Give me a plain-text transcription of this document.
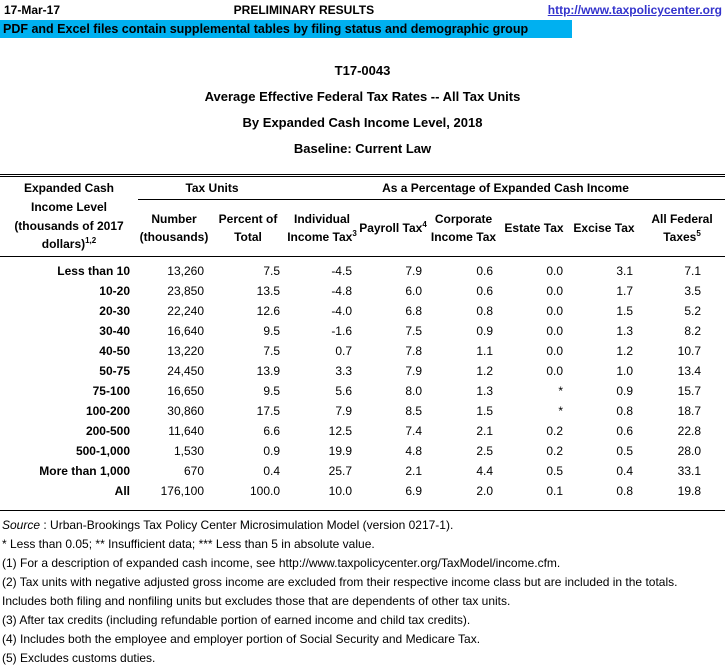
17-Mar-17	PRELIMINARY RESULTS	http://www.taxpolicycenter.org
PDF and Excel files contain supplemental tables by filing status and demographic group
T17-0043
Average Effective Federal Tax Rates -- All Tax Units
By Expanded Cash Income Level, 2018
Baseline: Current Law
Expanded Cash Income Level (thousands of 2017 dollars)$^{1,2}$	Tax Units		As a Percentage of Expanded Cash Income					
	Number (thousands)	Percent of Total	Individual Income Tax$^3$	Payroll Tax$^4$	Corporate Income Tax	Estate Tax	Excise Tax	All Federal Taxes$^5$
Less than 10	13,260	7.5	-4.5	7.9	0.6	0.0	3.1	7.1
10-20	23,850	13.5	-4.8	6.0	0.6	0.0	1.7	3.5
20-30	22,240	12.6	-4.0	6.8	0.8	0.0	1.5	5.2
30-40	16,640	9.5	-1.6	7.5	0.9	0.0	1.3	8.2
40-50	13,220	7.5	0.7	7.8	1.1	0.0	1.2	10.7
50-75	24,450	13.9	3.3	7.9	1.2	0.0	1.0	13.4
75-100	16,650	9.5	5.6	8.0	1.3	*	0.9	15.7
100-200	30,860	17.5	7.9	8.5	1.5	*	0.8	18.7
200-500	11,640	6.6	12.5	7.4	2.1	0.2	0.6	22.8
500-1,000	1,530	0.9	19.9	4.8	2.5	0.2	0.5	28.0
More than 1,000	670	0.4	25.7	2.1	4.4	0.5	0.4	33.1
All	176,100	100.0	10.0	6.9	2.0	0.1	0.8	19.8
Source : Urban-Brookings Tax Policy Center Microsimulation Model (version 0217-1).
* Less than 0.05; ** Insufficient data; *** Less than 5 in absolute value.
(1) For a description of expanded cash income, see http://www.taxpolicycenter.org/TaxModel/income.cfm.
(2) Tax units with negative adjusted gross income are excluded from their respective income class but are included in the totals.
Includes both filing and nonfiling units but excludes those that are dependents of other tax units.
(3) After tax credits (including refundable portion of earned income and child tax credits).
(4) Includes both the employee and employer portion of Social Security and Medicare Tax.
(5) Excludes customs duties.
